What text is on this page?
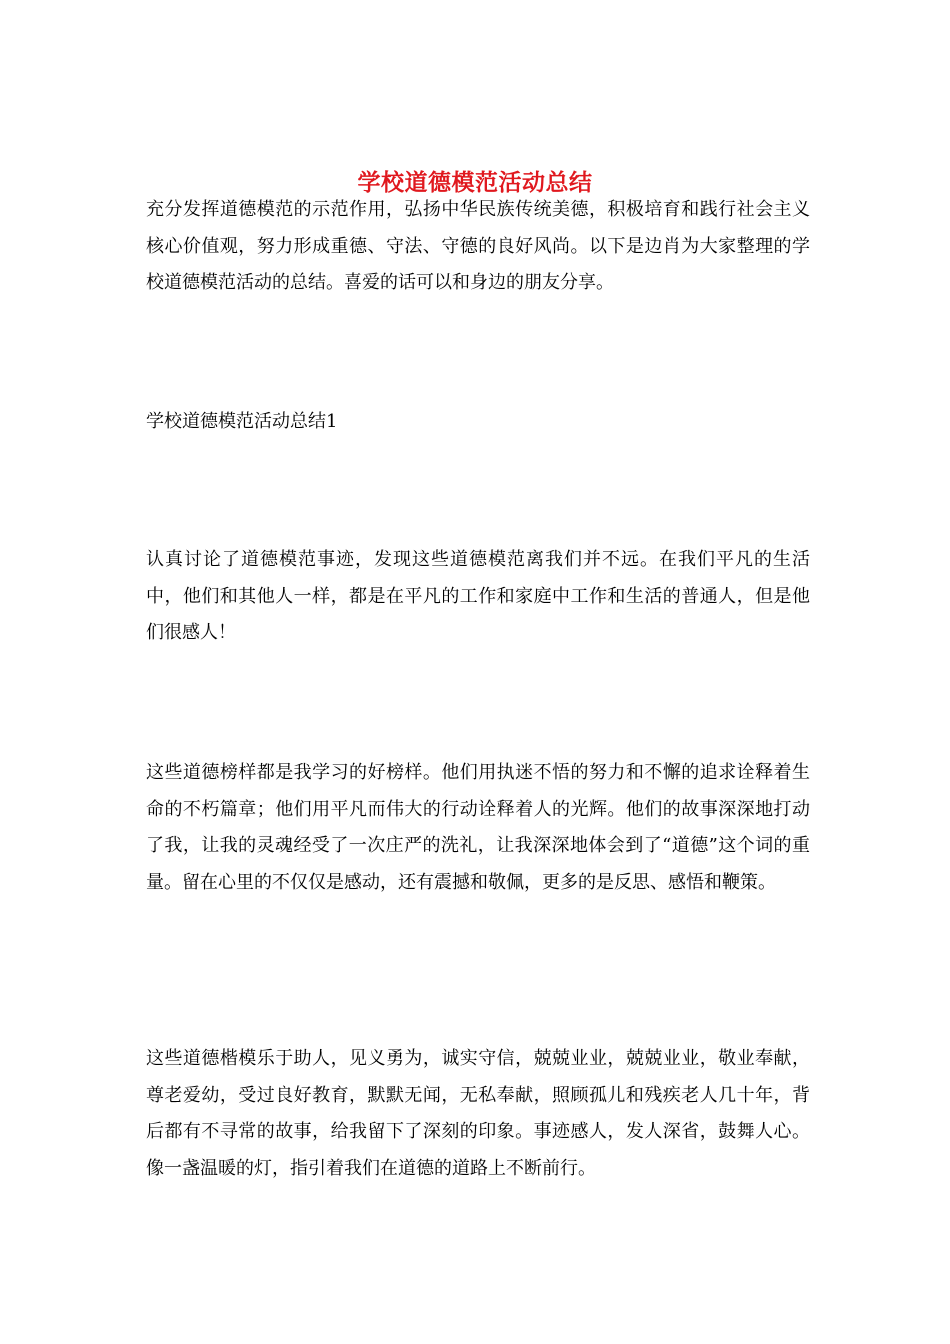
学校道德模范活动总结

充分发挥道德模范的示范作用，弘扬中华民族传统美德，积极培育和践行社会主义核心价值观，努力形成重德、守法、守德的良好风尚。以下是边肖为大家整理的学校道德模范活动的总结。喜爱的话可以和身边的朋友分享。

学校道德模范活动总结1

认真讨论了道德模范事迹，发现这些道德模范离我们并不远。在我们平凡的生活中，他们和其他人一样，都是在平凡的工作和家庭中工作和生活的普通人，但是他们很感人！

这些道德榜样都是我学习的好榜样。他们用执迷不悟的努力和不懈的追求诠释着生命的不朽篇章；他们用平凡而伟大的行动诠释着人的光辉。他们的故事深深地打动了我，让我的灵魂经受了一次庄严的洗礼，让我深深地体会到了“道德”这个词的重量。留在心里的不仅仅是感动，还有震撼和敬佩，更多的是反思、感悟和鞭策。

这些道德楷模乐于助人，见义勇为，诚实守信，兢兢业业，兢兢业业，敬业奉献，尊老爱幼，受过良好教育，默默无闻，无私奉献，照顾孤儿和残疾老人几十年，背后都有不寻常的故事，给我留下了深刻的印象。事迹感人，发人深省，鼓舞人心。像一盏温暖的灯，指引着我们在道德的道路上不断前行。
